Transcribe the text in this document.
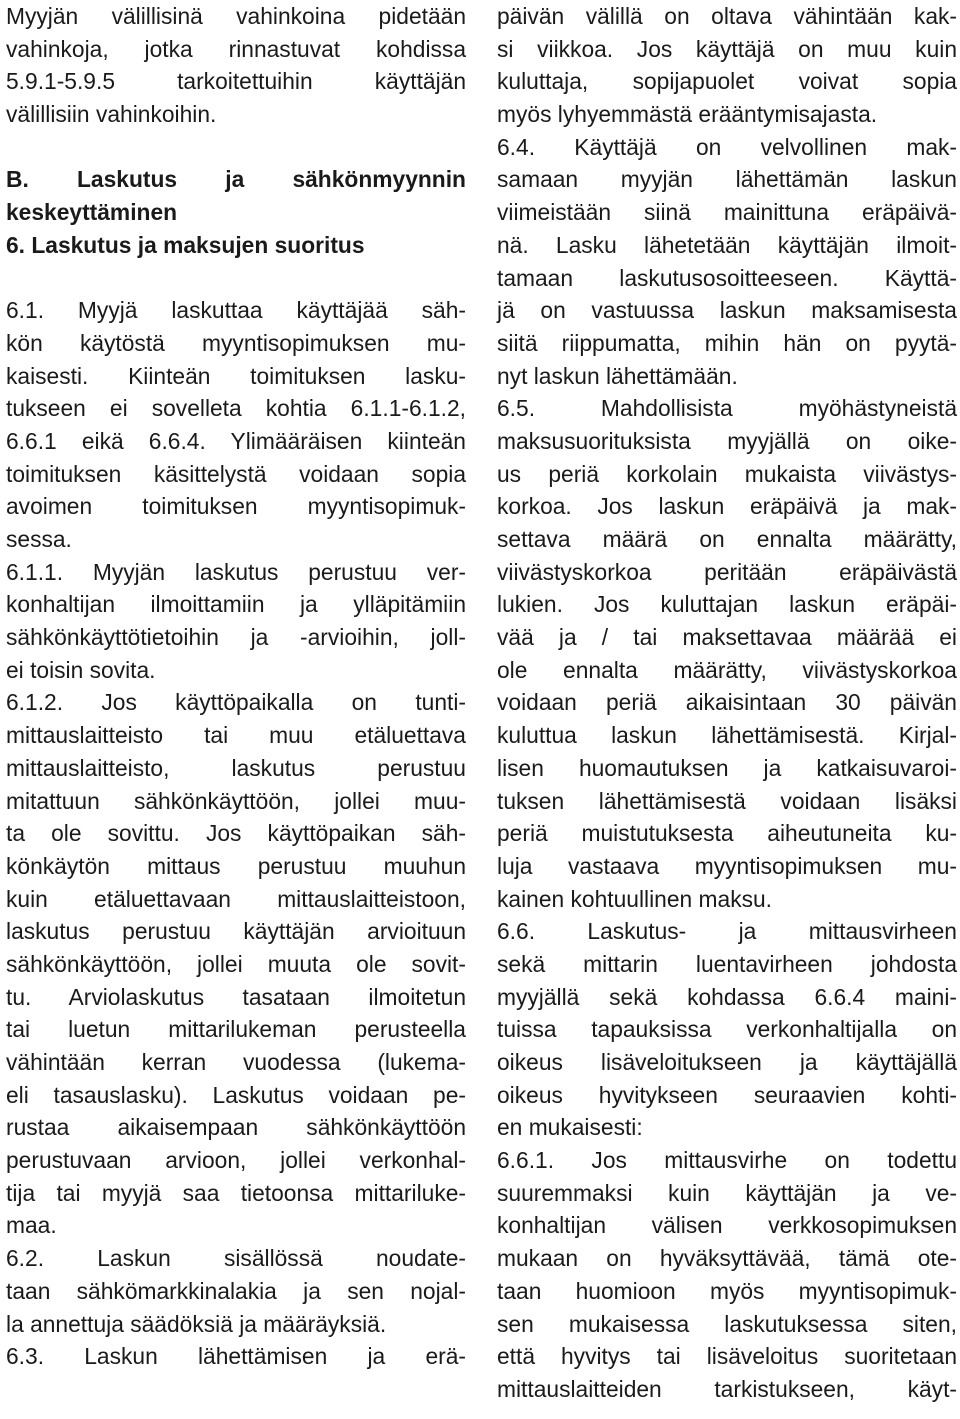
Myyjän välillisinä vahinkoina pidetään
vahinkoja, jotka rinnastuvat kohdissa
5.9.1-5.9.5 tarkoitettuihin käyttäjän
välillisiin vahinkoihin.
B. Laskutus ja sähkönmyynnin
keskeyttäminen
6. Laskutus ja maksujen suoritus
6.1. Myyjä laskuttaa käyttäjää säh-
kön käytöstä myyntisopimuksen mu-
kaisesti. Kiinteän toimituksen lasku-
tukseen ei sovelleta kohtia 6.1.1-6.1.2,
6.6.1 eikä 6.6.4. Ylimääräisen kiinteän
toimituksen käsittelystä voidaan sopia
avoimen toimituksen myyntisopimuk-
sessa.
6.1.1. Myyjän laskutus perustuu ver-
konhaltijan ilmoittamiin ja ylläpitämiin
sähkönkäyttötietoihin ja -arvioihin, joll-
ei toisin sovita.
6.1.2. Jos käyttöpaikalla on tunti-
mittauslaitteisto tai muu etäluettava
mittauslaitteisto, laskutus perustuu
mitattuun sähkönkäyttöön, jollei muu-
ta ole sovittu. Jos käyttöpaikan säh-
könkäytön mittaus perustuu muuhun
kuin etäluettavaan mittauslaitteistoon,
laskutus perustuu käyttäjän arvioituun
sähkönkäyttöön, jollei muuta ole sovit-
tu. Arviolaskutus tasataan ilmoitetun
tai luetun mittarilukeman perusteella
vähintään kerran vuodessa (lukema-
eli tasauslasku). Laskutus voidaan pe-
rustaa aikaisempaan sähkönkäyttöön
perustuvaan arvioon, jollei verkonhal-
tija tai myyjä saa tietoonsa mittariluke-
maa.
6.2. Laskun sisällössä noudate-
taan sähkömarkkinalakia ja sen nojal-
la annettuja säädöksiä ja määräyksiä.
6.3. Laskun lähettämisen ja erä-
päivän välillä on oltava vähintään kak-
si viikkoa. Jos käyttäjä on muu kuin
kuluttaja, sopijapuolet voivat sopia
myös lyhyemmästä erääntymisajasta.
6.4. Käyttäjä on velvollinen mak-
samaan myyjän lähettämän laskun
viimeistään siinä mainittuna eräpäivä-
nä. Lasku lähetetään käyttäjän ilmoit-
tamaan laskutusosoitteeseen. Käyttä-
jä on vastuussa laskun maksamisesta
siitä riippumatta, mihin hän on pyytä-
nyt laskun lähettämään.
6.5. Mahdollisista myöhästyneistä
maksusuorituksista myyjällä on oike-
us periä korkolain mukaista viivästys-
korkoa. Jos laskun eräpäivä ja mak-
settava määrä on ennalta määrätty,
viivästyskorkoa peritään eräpäivästä
lukien. Jos kuluttajan laskun eräpäi-
vää ja / tai maksettavaa määrää ei
ole ennalta määrätty, viivästyskorkoa
voidaan periä aikaisintaan 30 päivän
kuluttua laskun lähettämisestä. Kirjal-
lisen huomautuksen ja katkaisuvaroi-
tuksen lähettämisestä voidaan lisäksi
periä muistutuksesta aiheutuneita ku-
luja vastaava myyntisopimuksen mu-
kainen kohtuullinen maksu.
6.6. Laskutus- ja mittausvirheen
sekä mittarin luentavirheen johdosta
myyjällä sekä kohdassa 6.6.4 maini-
tuissa tapauksissa verkonhaltijalla on
oikeus lisäveloitukseen ja käyttäjällä
oikeus hyvitykseen seuraavien kohti-
en mukaisesti:
6.6.1. Jos mittausvirhe on todettu
suuremmaksi kuin käyttäjän ja ve-
konhaltijan välisen verkkosopimuksen
mukaan on hyväksyttävää, tämä ote-
taan huomioon myös myyntisopimuk-
sen mukaisessa laskutuksessa siten,
että hyvitys tai lisäveloitus suoritetaan
mittauslaitteiden tarkistukseen, käyt-
